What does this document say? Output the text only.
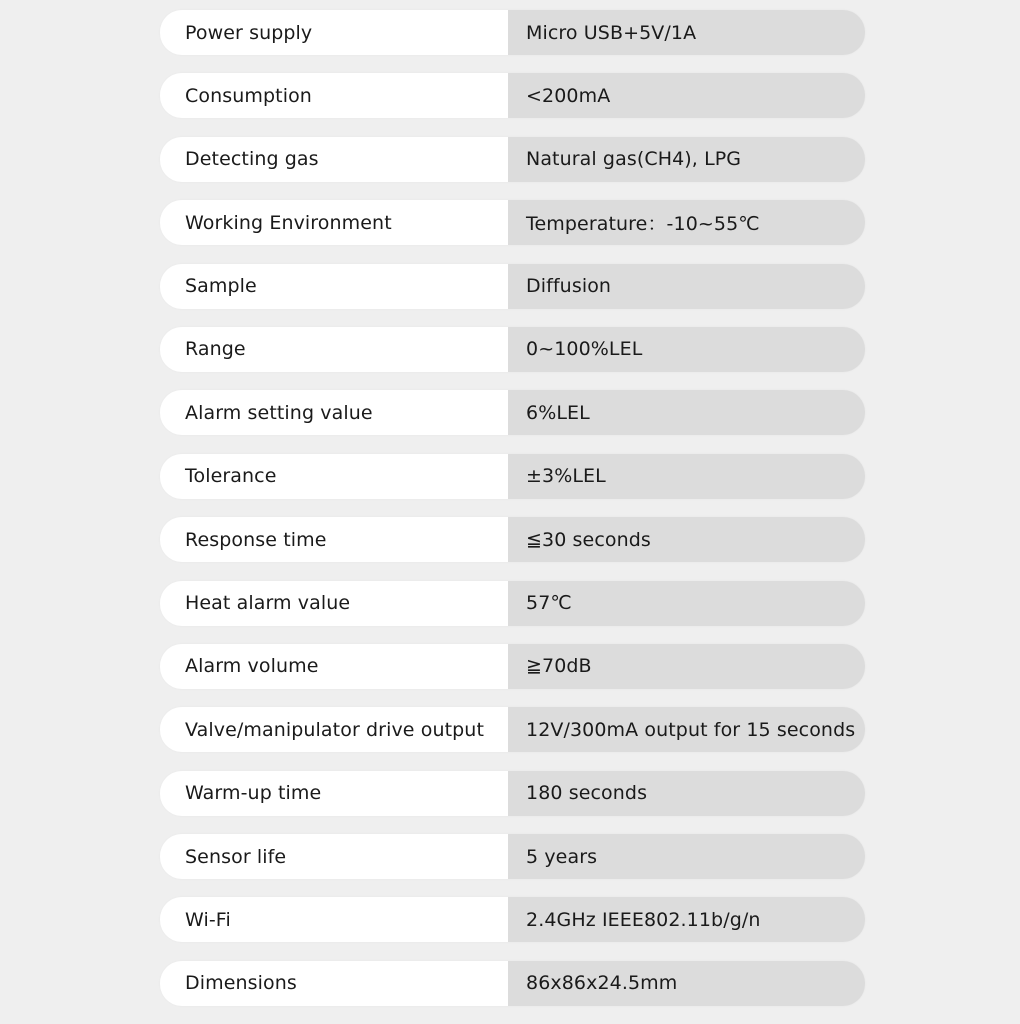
Power supply	Micro USB+5V/1A
Consumption	<200mA
Detecting gas	Natural gas(CH4), LPG
Working Environment	Temperature：-10~55℃
Sample	Diffusion
Range	0~100%LEL
Alarm setting value	6%LEL
Tolerance	±3%LEL
Response time	≦30 seconds
Heat alarm value	57℃
Alarm volume	≧70dB
Valve/manipulator drive output	12V/300mA output for 15 seconds
Warm-up time	180 seconds
Sensor life	5 years
Wi-Fi	2.4GHz IEEE802.11b/g/n
Dimensions	86x86x24.5mm
